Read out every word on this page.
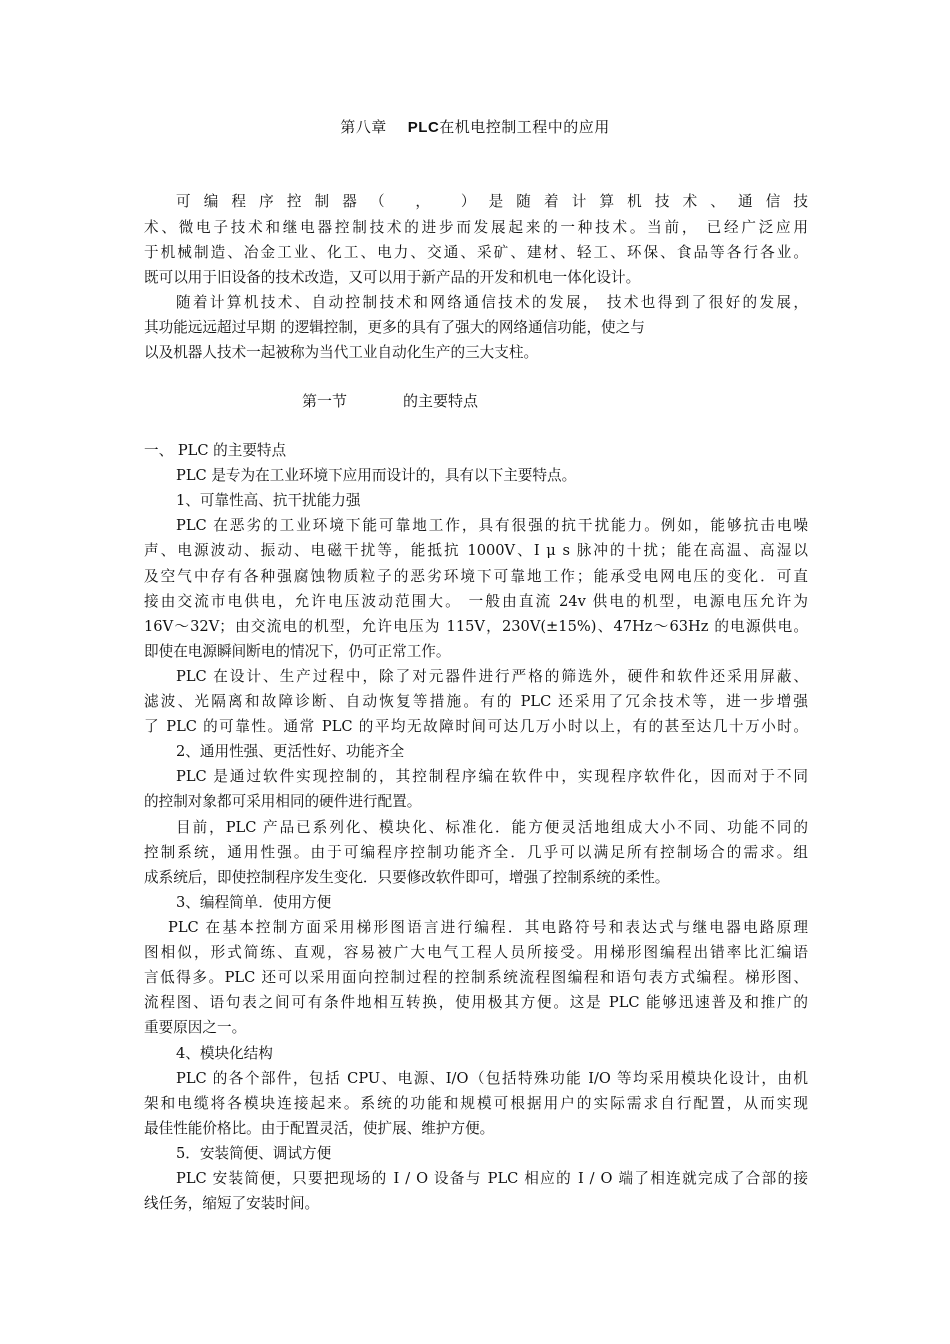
第八章 PLC在机电控制工程中的应用
第一节	的主要特点
可编程序控制器（ ， ）是随着计算机技术、通信技
术、微电子技术和继电器控制技术的进步而发展起来的一种技术。当前， 已经广泛应用
于机械制造、冶金工业、化工、电力、交通、采矿、建材、轻工、环保、食品等各行各业。
既可以用于旧设备的技术改造，又可以用于新产品的开发和机电一体化设计。
随着计算机技术、自动控制技术和网络通信技术的发展， 技术也得到了很好的发展，
其功能远远超过早期 的逻辑控制，更多的具有了强大的网络通信功能，使之与
以及机器人技术一起被称为当代工业自动化生产的三大支柱。
一、 PLC 的主要特点
PLC 是专为在工业环境下应用而设计的，具有以下主要特点。
1、可靠性高、抗干扰能力强
PLC 在恶劣的工业环境下能可靠地工作，具有很强的抗干扰能力。例如，能够抗击电噪
声、电源波动、振动、电磁干扰等，能抵抗 1000V、I μ s 脉冲的十扰；能在高温、高湿以
及空气中存有各种强腐蚀物质粒子的恶劣环境下可靠地工作；能承受电网电压的变化．可直
接由交流市电供电，允许电压波动范围大。 一般由直流 24v 供电的机型，电源电压允许为
16V～32V；由交流电的机型，允许电压为 115V，230V(±15%)、47Hz～63Hz 的电源供电。
即使在电源瞬间断电的情况下，仍可正常工作。
PLC 在设计、生产过程中，除了对元器件进行严格的筛选外，硬件和软件还采用屏蔽、
滤波、光隔离和故障诊断、自动恢复等措施。有的 PLC 还采用了冗余技术等，进一步增强
了 PLC 的可靠性。通常 PLC 的平均无故障时间可达几万小时以上，有的甚至达几十万小时。
2、通用性强、更活性好、功能齐全
PLC 是通过软件实现控制的，其控制程序编在软件中，实现程序软件化，因而对于不同
的控制对象都可采用相同的硬件进行配置。
目前，PLC 产品已系列化、模块化、标准化．能方便灵活地组成大小不同、功能不同的
控制系统，通用性强。由于可编程序控制功能齐全．几乎可以满足所有控制场合的需求。组
成系统后，即使控制程序发生变化．只要修改软件即可，增强了控制系统的柔性。
3、编程简单．使用方便
PLC 在基本控制方面采用梯形图语言进行编程．其电路符号和表达式与继电器电路原理
图相似，形式简练、直观，容易被广大电气工程人员所接受。用梯形图编程出错率比汇编语
言低得多。PLC 还可以采用面向控制过程的控制系统流程图编程和语句表方式编程。梯形图、
流程图、语句表之间可有条件地相互转换，使用极其方便。这是 PLC 能够迅速普及和推广的
重要原因之一。
4、模块化结构
PLC 的各个部件，包括 CPU、电源、I/O（包括特殊功能 I/O 等均采用模块化设计，由机
架和电缆将各模块连接起来。系统的功能和规模可根据用户的实际需求自行配置，从而实现
最佳性能价格比。由于配置灵活，使扩展、维护方便。
5．安装简便、调试方便
PLC 安装简便，只要把现场的 I / O 设备与 PLC 相应的 I / O 端了相连就完成了合部的接
线任务，缩短了安装时间。
